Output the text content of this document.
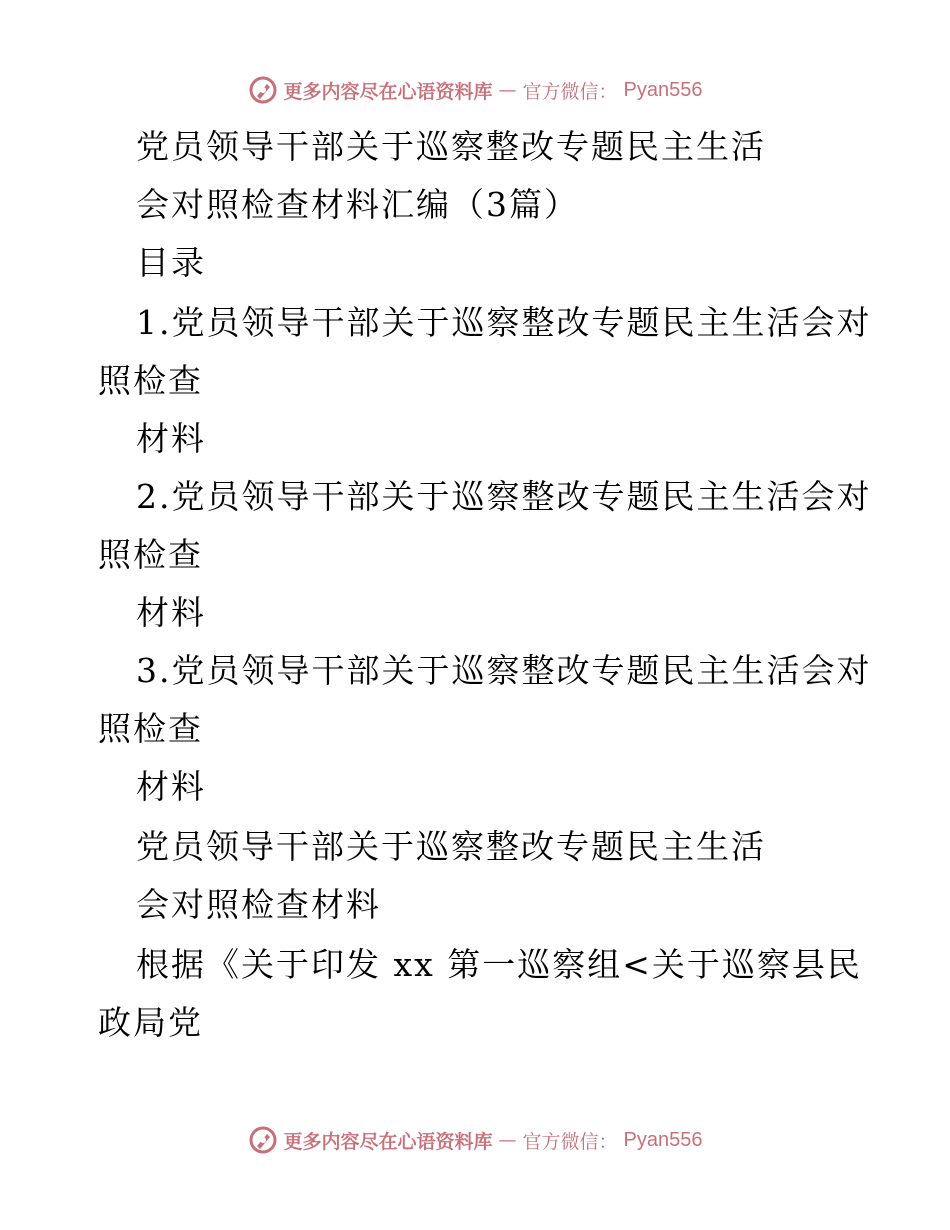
更多内容尽在心语资料库 — 官方微信： Pyan556
党员领导干部关于巡察整改专题民主生活
会对照检查材料汇编（3篇）
目录
1.党员领导干部关于巡察整改专题民主生活会对
照检查
材料
2.党员领导干部关于巡察整改专题民主生活会对
照检查
材料
3.党员领导干部关于巡察整改专题民主生活会对
照检查
材料
党员领导干部关于巡察整改专题民主生活
会对照检查材料
根据《关于印发 xx 第一巡察组<关于巡察县民
政局党
更多内容尽在心语资料库 — 官方微信： Pyan556
